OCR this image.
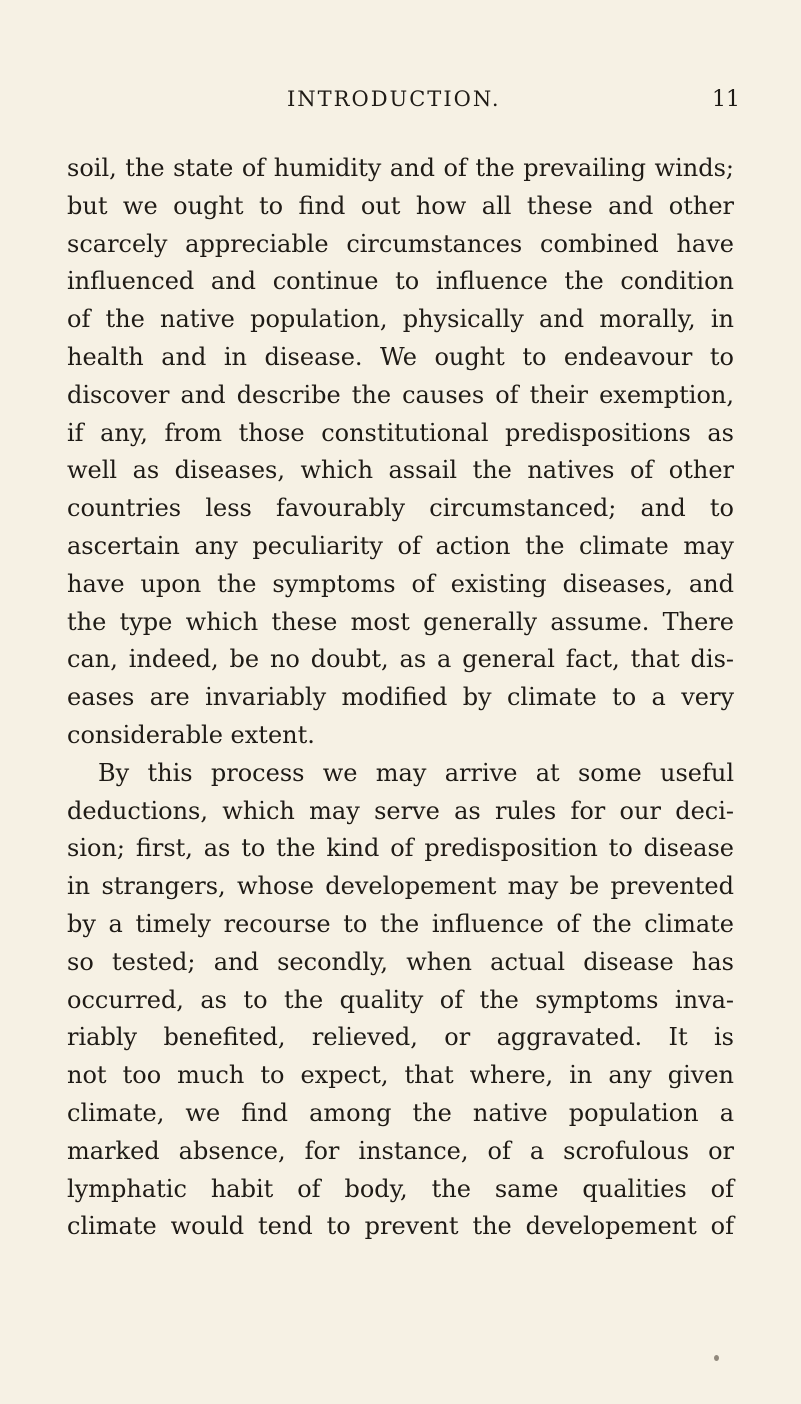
INTRODUCTION.	11
soil, the state of humidity and of the prevailing winds;
but we ought to find out how all these and other
scarcely appreciable circumstances combined have
influenced and continue to influence the condition
of the native population, physically and morally, in
health and in disease. We ought to endeavour to
discover and describe the causes of their exemption,
if any, from those constitutional predispositions as
well as diseases, which assail the natives of other
countries less favourably circumstanced; and to
ascertain any peculiarity of action the climate may
have upon the symptoms of existing diseases, and
the type which these most generally assume. There
can, indeed, be no doubt, as a general fact, that dis-
eases are invariably modified by climate to a very
considerable extent.
By this process we may arrive at some useful
deductions, which may serve as rules for our deci-
sion; first, as to the kind of predisposition to disease
in strangers, whose developement may be prevented
by a timely recourse to the influence of the climate
so tested; and secondly, when actual disease has
occurred, as to the quality of the symptoms inva-
riably benefited, relieved, or aggravated. It is
not too much to expect, that where, in any given
climate, we find among the native population a
marked absence, for instance, of a scrofulous or
lymphatic habit of body, the same qualities of
climate would tend to prevent the developement of
